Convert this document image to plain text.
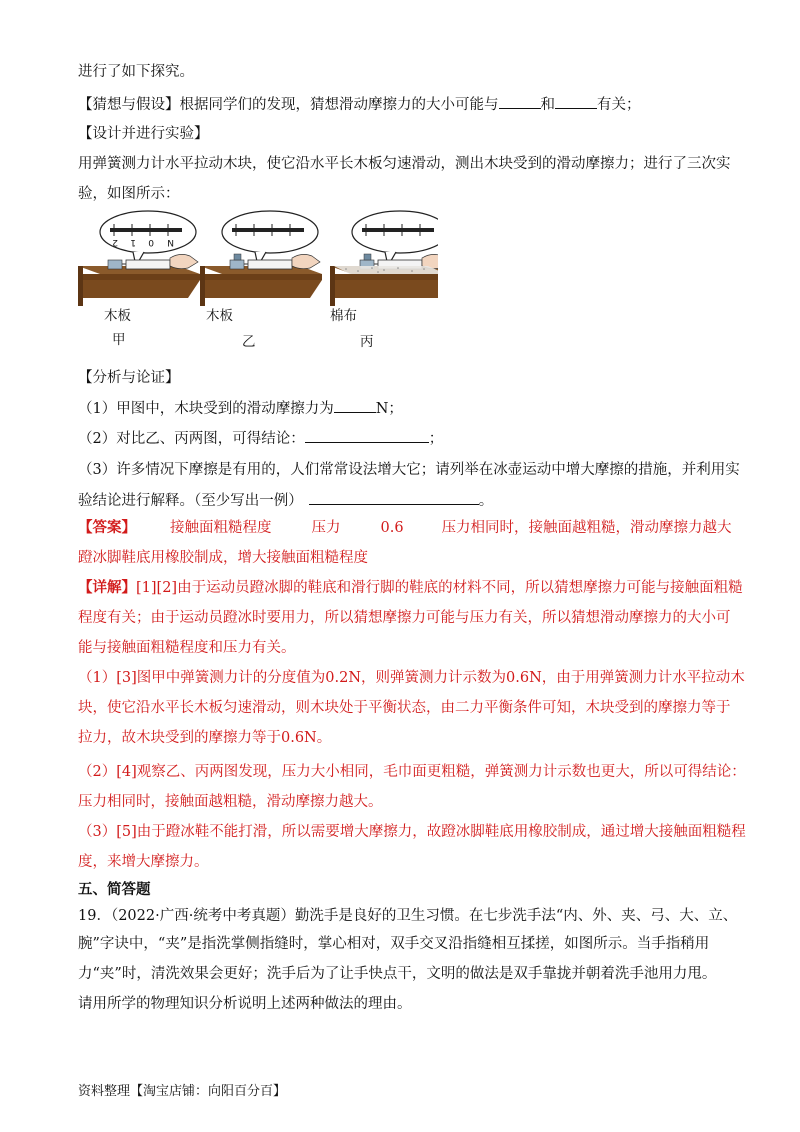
进行了如下探究。
【猜想与假设】根据同学们的发现，猜想滑动摩擦力的大小可能与	和	有关；
【设计并进行实验】
用弹簧测力计水平拉动木块，使它沿水平长木板匀速滑动，测出木块受到的滑动摩擦力；进行了三次实
验，如图所示：
2 1 0 N
木板
甲
木板
乙
棉布
丙
【分析与论证】
（1）甲图中，木块受到的滑动摩擦力为	N；
（2）对比乙、丙两图，可得结论：	；
（3）许多情况下摩擦是有用的，人们常常设法增大它；请列举在冰壶运动中增大摩擦的措施，并利用实
验结论进行解释。（至少写出一例）	。
【答案】 接触面粗糙程度	压力	0.6	压力相同时，接触面越粗糙，滑动摩擦力越大
蹬冰脚鞋底用橡胶制成，增大接触面粗糙程度
【详解】[1][2]由于运动员蹬冰脚的鞋底和滑行脚的鞋底的材料不同，所以猜想摩擦力可能与接触面粗糙
程度有关；由于运动员蹬冰时要用力，所以猜想摩擦力可能与压力有关，所以猜想滑动摩擦力的大小可
能与接触面粗糙程度和压力有关。
（1）[3]图甲中弹簧测力计的分度值为0.2N，则弹簧测力计示数为0.6N，由于用弹簧测力计水平拉动木
块，使它沿水平长木板匀速滑动，则木块处于平衡状态，由二力平衡条件可知，木块受到的摩擦力等于
拉力，故木块受到的摩擦力等于0.6N。
（2）[4]观察乙、丙两图发现，压力大小相同，毛巾面更粗糙，弹簧测力计示数也更大，所以可得结论：
压力相同时，接触面越粗糙，滑动摩擦力越大。
（3）[5]由于蹬冰鞋不能打滑，所以需要增大摩擦力，故蹬冰脚鞋底用橡胶制成，通过增大接触面粗糙程
度，来增大摩擦力。
五、简答题
19．（2022·广西·统考中考真题）勤洗手是良好的卫生习惯。在七步洗手法“内、外、夹、弓、大、立、
腕”字诀中，“夹”是指洗掌侧指缝时，掌心相对，双手交叉沿指缝相互揉搓，如图所示。当手指稍用
力“夹”时，清洗效果会更好；洗手后为了让手快点干，文明的做法是双手靠拢并朝着洗手池用力甩。
请用所学的物理知识分析说明上述两种做法的理由。
资料整理【淘宝店铺：向阳百分百】
